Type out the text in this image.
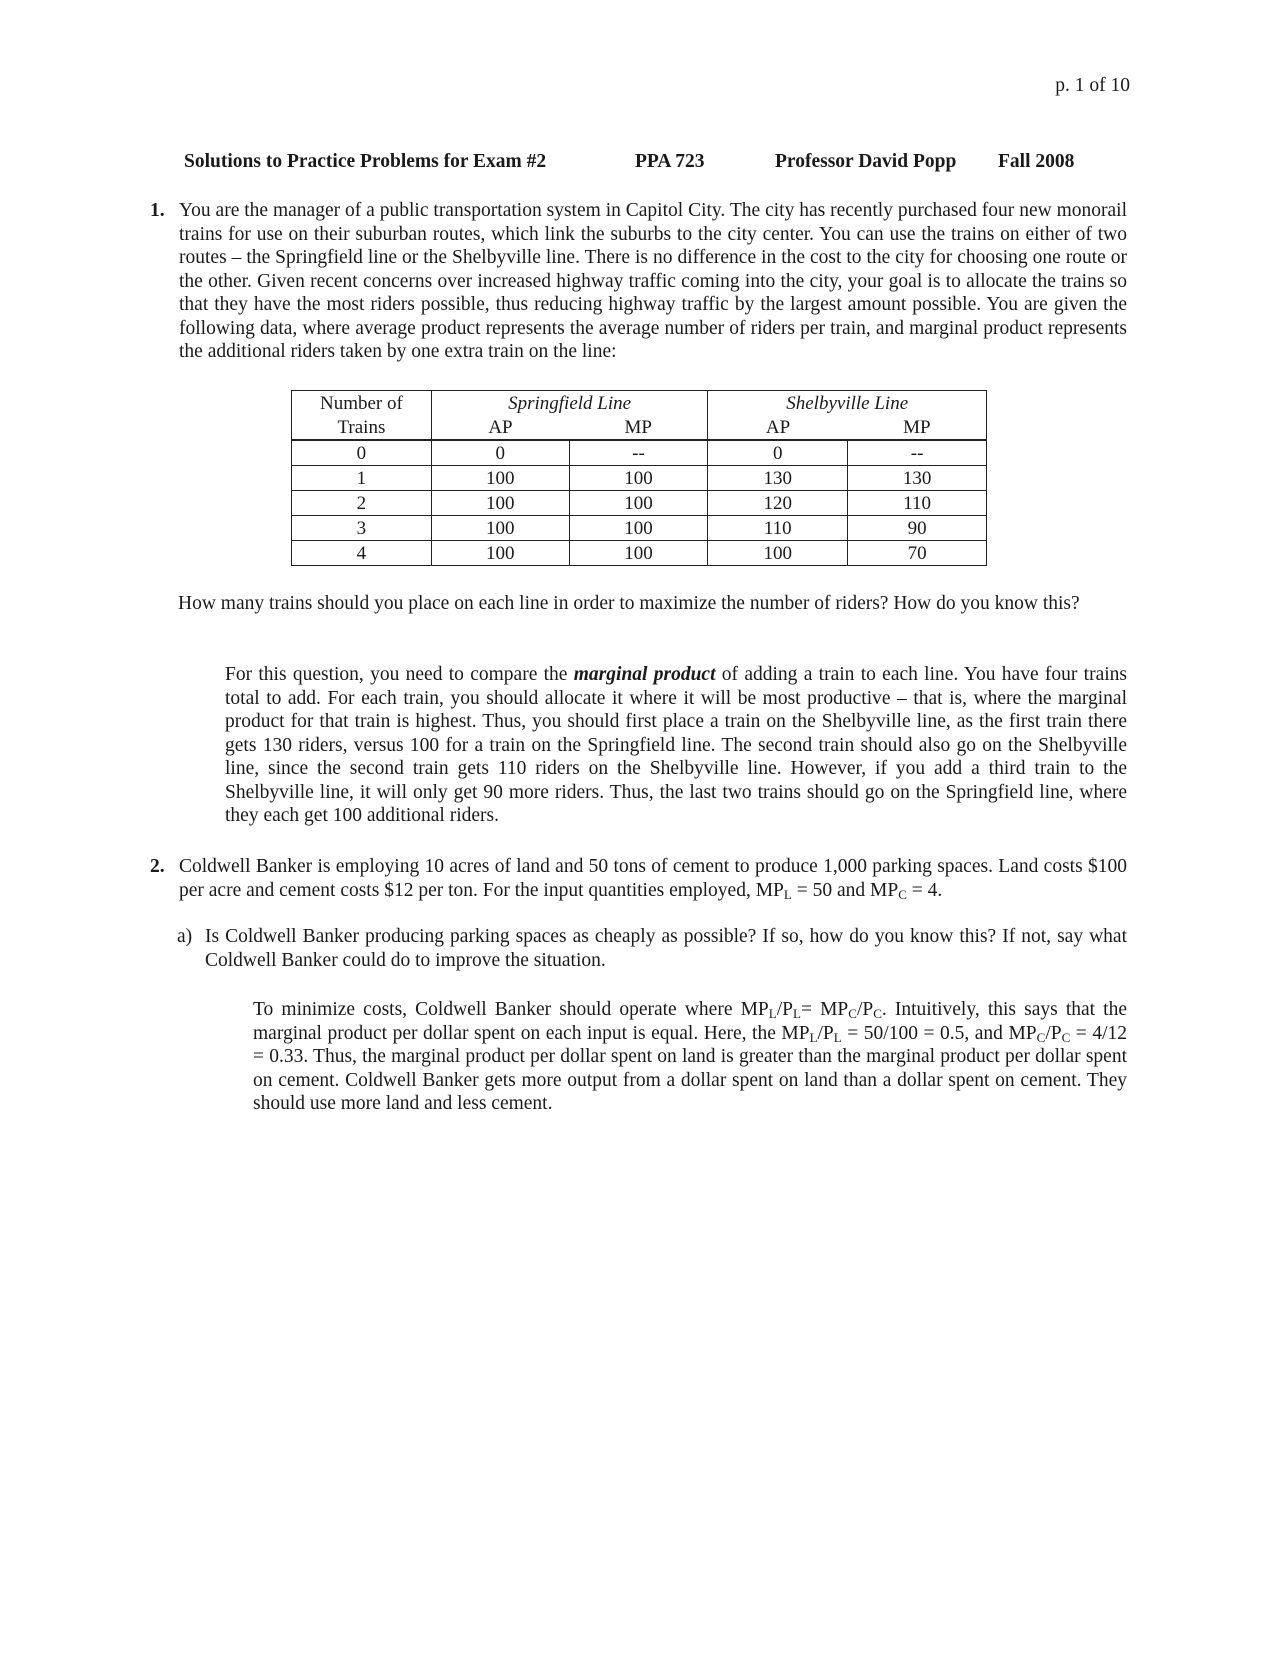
p. 1 of 10
Solutions to Practice Problems for Exam #2	PPA 723	Professor David Popp Fall 2008
1. You are the manager of a public transportation system in Capitol City. The city has recently purchased four new monorail trains for use on their suburban routes, which link the suburbs to the city center. You can use the trains on either of two routes – the Springfield line or the Shelbyville line. There is no difference in the cost to the city for choosing one route or the other. Given recent concerns over increased highway traffic coming into the city, your goal is to allocate the trains so that they have the most riders possible, thus reducing highway traffic by the largest amount possible. You are given the following data, where average product represents the average number of riders per train, and marginal product represents the additional riders taken by one extra train on the line:
Number of	Springfield Line		Shelbyville Line	
Trains	AP	MP	AP	MP
0	0	--	0	--
1	100	100	130	130
2	100	100	120	110
3	100	100	110	90
4	100	100	100	70
How many trains should you place on each line in order to maximize the number of riders? How do you know this?
For this question, you need to compare the marginal product of adding a train to each line. You have four trains total to add. For each train, you should allocate it where it will be most productive – that is, where the marginal product for that train is highest. Thus, you should first place a train on the Shelbyville line, as the first train there gets 130 riders, versus 100 for a train on the Springfield line. The second train should also go on the Shelbyville line, since the second train gets 110 riders on the Shelbyville line. However, if you add a third train to the Shelbyville line, it will only get 90 more riders. Thus, the last two trains should go on the Springfield line, where they each get 100 additional riders.
2. Coldwell Banker is employing 10 acres of land and 50 tons of cement to produce 1,000 parking spaces. Land costs $100 per acre and cement costs $12 per ton. For the input quantities employed, $MP_L = 50$ and $MP_C = 4$.
a) Is Coldwell Banker producing parking spaces as cheaply as possible? If so, how do you know this? If not, say what Coldwell Banker could do to improve the situation.
To minimize costs, Coldwell Banker should operate where $MP_L/P_L= MP_C/P_C$. Intuitively, this says that the marginal product per dollar spent on each input is equal. Here, the $MP_L/P_L = 50/100 = 0.5$, and $MP_C/P_C = 4/12 = 0.33$. Thus, the marginal product per dollar spent on land is greater than the marginal product per dollar spent on cement. Coldwell Banker gets more output from a dollar spent on land than a dollar spent on cement. They should use more land and less cement.
